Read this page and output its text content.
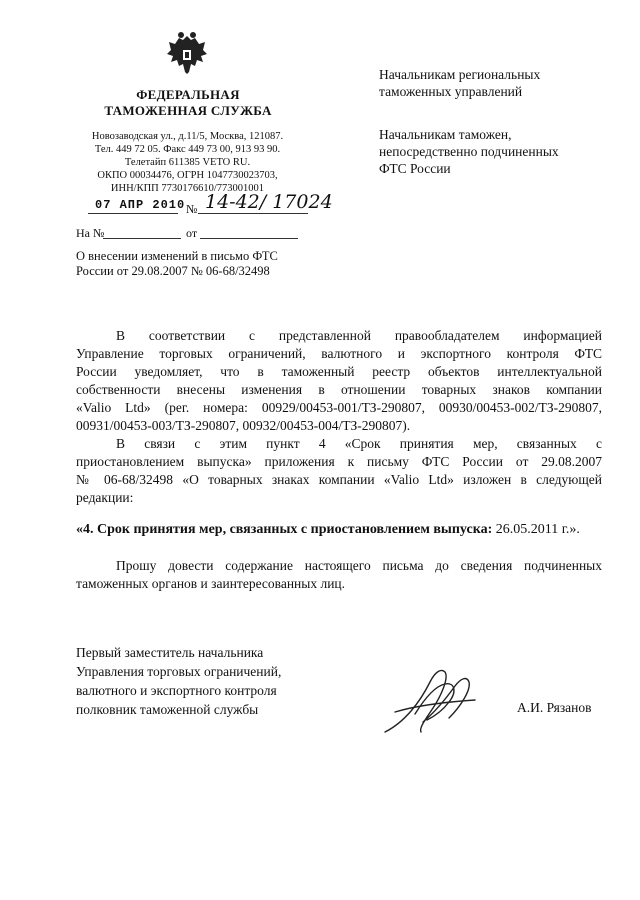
ФЕДЕРАЛЬНАЯ
ТАМОЖЕННАЯ СЛУЖБА
Новозаводская ул., д.11/5, Москва, 121087.
Тел. 449 72 05. Факс 449 73 00, 913 93 90.
Телетайп 611385 VETO RU.
ОКПО 00034476, ОГРН 1047730023703,
ИНН/КПП 7730176610/773001001
07 АПР 2010 № 14-42/ 17024
На №	от
О внесении изменений в письмо ФТС
России от 29.08.2007 № 06-68/32498
Начальникам региональных
таможенных управлений
Начальникам таможен,
непосредственно подчиненных
ФТС России
В соответствии с представленной правообладателем информацией
Управление торговых ограничений, валютного и экспортного контроля ФТС
России уведомляет, что в таможенный реестр объектов интеллектуальной
собственности внесены изменения в отношении товарных знаков компании
«Valio Ltd» (рег. номера: 00929/00453-001/ТЗ-290807, 00930/00453-002/ТЗ-290807,
00931/00453-003/ТЗ-290807, 00932/00453-004/ТЗ-290807).
В связи с этим пункт 4 «Срок принятия мер, связанных с
приостановлением выпуска» приложения к письму ФТС России от 29.08.2007
№ 06-68/32498 «О товарных знаках компании «Valio Ltd» изложен в следующей
редакции:
«4. Срок принятия мер, связанных с приостановлением выпуска: 26.05.2011 г.».
Прошу довести содержание настоящего письма до сведения подчиненных
таможенных органов и заинтересованных лиц.
Первый заместитель начальника
Управления торговых ограничений,
валютного и экспортного контроля
полковник таможенной службы	А.И. Рязанов
